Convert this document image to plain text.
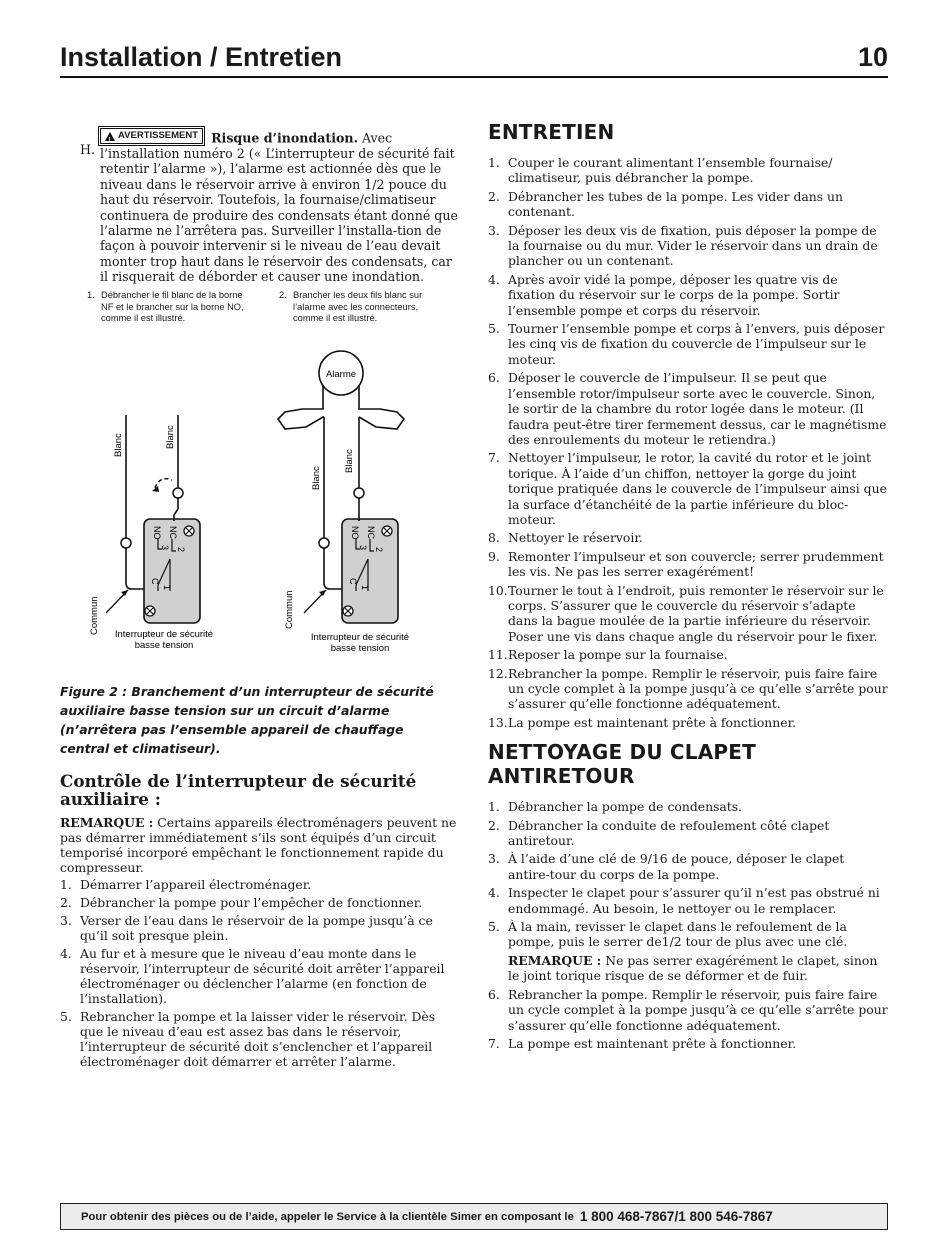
Installation / Entretien	10
H.

!
AVERTISSEMENT Risque d’inondation. Avec l’installation numéro 2 (« L’interrupteur de sécurité fait retentir l’alarme »), l’alarme est actionnée dès que le niveau dans le réservoir arrive à environ 1/2 pouce du haut du réservoir. Toutefois, la fournaise/climatiseur continuera de produire des condensats étant donné que l’alarme ne l’arrêtera pas. Surveiller l’installa-tion de façon à pouvoir intervenir si le niveau de l’eau devait monter trop haut dans le réservoir des condensats, car il risquerait de déborder et causer une inondation.

1. Débrancher le fil blanc de la borne NF et le brancher sur la borne NO, comme il est illustré.
2. Brancher les deux fils blanc sur l’alarme avec les connecteurs, comme il est illustré.
NO NC
3 2
C
1
Blanc	Blanc
Commun Interrupteur de sécurité
basse tension
Alarme
NO NC
3 2
C
1
Blanc
Blanc
Commun
Interrupteur de sécurité
basse tension

Figure 2 : Branchement d’un interrupteur de sécurité auxiliaire basse tension sur un circuit d’alarme (n’arrêtera pas l’ensemble appareil de chauffage central et climatiseur).

Contrôle de l’interrupteur de sécurité auxiliaire :

REMARQUE : Certains appareils électroménagers peuvent ne pas démarrer immédiatement s’ils sont équipés d’un circuit temporisé incorporé empêchant le fonctionnement rapide du compresseur.

1. Démarrer l’appareil électroménager.
2. Débrancher la pompe pour l’empêcher de fonctionner.
3. Verser de l’eau dans le réservoir de la pompe jusqu’à ce qu’il soit presque plein.
4. Au fur et à mesure que le niveau d’eau monte dans le réservoir, l’interrupteur de sécurité doit arrêter l’appareil électroménager ou déclencher l’alarme (en fonction de l’installation).
5. Rebrancher la pompe et la laisser vider le réservoir. Dès que le niveau d’eau est assez bas dans le réservoir, l’interrupteur de sécurité doit s’enclencher et l’appareil électroménager doit démarrer et arrêter l’alarme.
ENTRETIEN
1. Couper le courant alimentant l’ensemble fournaise/ climatiseur, puis débrancher la pompe.
2. Débrancher les tubes de la pompe. Les vider dans un contenant.
3. Déposer les deux vis de fixation, puis déposer la pompe de la fournaise ou du mur. Vider le réservoir dans un drain de plancher ou un contenant.
4. Après avoir vidé la pompe, déposer les quatre vis de fixation du réservoir sur le corps de la pompe. Sortir l’ensemble pompe et corps du réservoir.
5. Tourner l’ensemble pompe et corps à l’envers, puis déposer les cinq vis de fixation du couvercle de l’impulseur sur le moteur.
6. Déposer le couvercle de l’impulseur. Il se peut que l’ensemble rotor/impulseur sorte avec le couvercle. Sinon, le sortir de la chambre du rotor logée dans le moteur. (Il faudra peut-être tirer fermement dessus, car le magnétisme des enroulements du moteur le retiendra.)
7. Nettoyer l’impulseur, le rotor, la cavité du rotor et le joint torique. À l’aide d’un chiffon, nettoyer la gorge du joint torique pratiquée dans le couvercle de l’impulseur ainsi que la surface d’étanchéité de la partie inférieure du bloc-moteur.
8. Nettoyer le réservoir.
9. Remonter l’impulseur et son couvercle; serrer prudemment les vis. Ne pas les serrer exagérément!
10. Tourner le tout à l’endroit, puis remonter le réservoir sur le corps. S’assurer que le couvercle du réservoir s’adapte dans la bague moulée de la partie inférieure du réservoir. Poser une vis dans chaque angle du réservoir pour le fixer.
11. Reposer la pompe sur la fournaise.
12. Rebrancher la pompe. Remplir le réservoir, puis faire faire un cycle complet à la pompe jusqu’à ce qu’elle s’arrête pour s’assurer qu’elle fonctionne adéquatement.
13. La pompe est maintenant prête à fonctionner.
NETTOYAGE DU CLAPET ANTIRETOUR
1. Débrancher la pompe de condensats.
2. Débrancher la conduite de refoulement côté clapet antiretour.
3. À l’aide d’une clé de 9/16 de pouce, déposer le clapet antire-tour du corps de la pompe.
4. Inspecter le clapet pour s’assurer qu’il n’est pas obstrué ni endommagé. Au besoin, le nettoyer ou le remplacer.
5. À la main, revisser le clapet dans le refoulement de la pompe, puis le serrer de1/2 tour de plus avec une clé.
REMARQUE : Ne pas serrer exagérément le clapet, sinon le joint torique risque de se déformer et de fuir.
6. Rebrancher la pompe. Remplir le réservoir, puis faire faire un cycle complet à la pompe jusqu’à ce qu’elle s’arrête pour s’assurer qu’elle fonctionne adéquatement.
7. La pompe est maintenant prête à fonctionner.
Pour obtenir des pièces ou de l’aide, appeler le Service à la clientèle Simer en composant le 1 800 468-7867/1 800 546-7867
